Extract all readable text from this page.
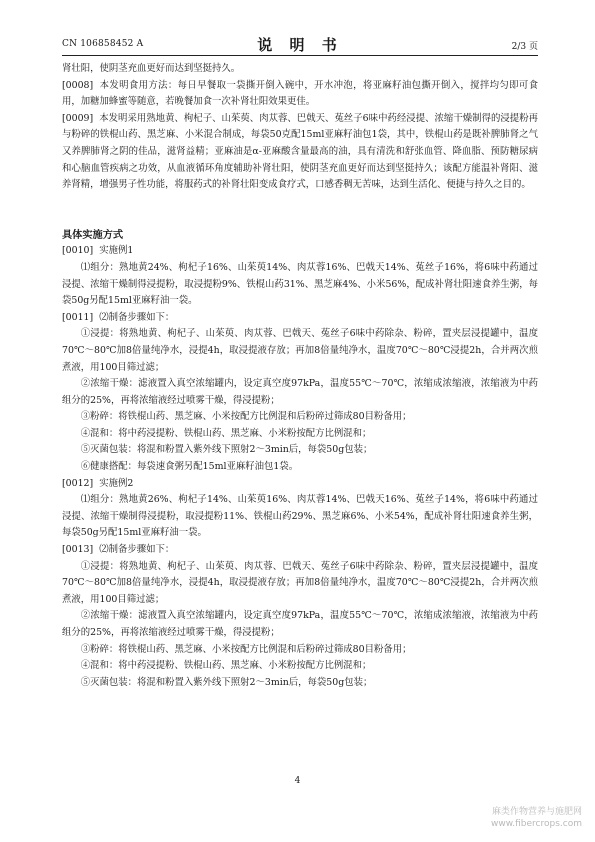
CN 106858452 A	说 明 书	2/3 页

肾壮阳，使阴茎充血更好而达到坚挺持久。

[0008] 本发明食用方法：每日早餐取一袋撕开倒入碗中，开水冲泡，将亚麻籽油包撕开倒入，搅拌均匀即可食用，加糖加蜂蜜等随意，若晚餐加食一次补肾壮阳效果更佳。

[0009] 本发明采用熟地黄、枸杞子、山茱萸、肉苁蓉、巴戟天、菟丝子6味中药经浸提、浓缩干燥制得的浸提粉再与粉碎的铁棍山药、黑芝麻、小米混合制成，每袋50克配15ml亚麻籽油包1袋，其中，铁棍山药是既补脾肺肾之气又养脾肺肾之阴的佳品，滋肾益精；亚麻油是α-亚麻酸含量最高的油，具有清洗和舒张血管、降血脂、预防糖尿病和心脑血管疾病之功效，从血液循环角度辅助补肾壮阳，使阴茎充血更好而达到坚挺持久；该配方能温补肾阳、滋养肾精，增强男子性功能，将服药式的补肾壮阳变成食疗式，口感香稠无苦味，达到生活化、便捷与持久之目的。

具体实施方式

[0010] 实施例1

⑴组分：熟地黄24%、枸杞子16%、山茱萸14%、肉苁蓉16%、巴戟天14%、菟丝子16%，将6味中药通过浸提、浓缩干燥制得浸提粉，取浸提粉9%、铁棍山药31%、黑芝麻4%、小米56%，配成补肾壮阳速食养生粥，每袋50g另配15ml亚麻籽油一袋。

[0011] ⑵制备步骤如下：

①浸提：将熟地黄、枸杞子、山茱萸、肉苁蓉、巴戟天、菟丝子6味中药除杂、粉碎，置夹层浸提罐中，温度70℃～80℃加8倍量纯净水，浸提4h，取浸提液存放；再加8倍量纯净水，温度70℃～80℃浸提2h，合并两次煎煮液，用100目筛过滤；

②浓缩干燥：滤液置入真空浓缩罐内，设定真空度97kPa，温度55℃～70℃，浓缩成浓缩液，浓缩液为中药组分的25%，再将浓缩液经过喷雾干燥，得浸提粉；

③粉碎：将铁棍山药、黑芝麻、小米按配方比例混和后粉碎过筛成80目粉备用；

④混和：将中药浸提粉、铁棍山药、黑芝麻、小米粉按配方比例混和；

⑤灭菌包装：将混和粉置入紫外线下照射2～3min后，每袋50g包装；

⑥健康搭配：每袋速食粥另配15ml亚麻籽油包1袋。

[0012] 实施例2

⑴组分：熟地黄26%、枸杞子14%、山茱萸16%、肉苁蓉14%、巴戟天16%、菟丝子14%，将6味中药通过浸提、浓缩干燥制得浸提粉，取浸提粉11%、铁棍山药29%、黑芝麻6%、小米54%，配成补肾壮阳速食养生粥，每袋50g另配15ml亚麻籽油一袋。

[0013] ⑵制备步骤如下：

①浸提：将熟地黄、枸杞子、山茱萸、肉苁蓉、巴戟天、菟丝子6味中药除杂、粉碎，置夹层浸提罐中，温度70℃～80℃加8倍量纯净水，浸提4h，取浸提液存放；再加8倍量纯净水，温度70℃～80℃浸提2h，合并两次煎煮液，用100目筛过滤；

②浓缩干燥：滤液置入真空浓缩罐内，设定真空度97kPa，温度55℃～70℃，浓缩成浓缩液，浓缩液为中药组分的25%，再将浓缩液经过喷雾干燥，得浸提粉；

③粉碎：将铁棍山药、黑芝麻、小米按配方比例混和后粉碎过筛成80目粉备用；

④混和：将中药浸提粉、铁棍山药、黑芝麻、小米粉按配方比例混和；

⑤灭菌包装：将混和粉置入紫外线下照射2～3min后，每袋50g包装；

4
麻类作物营养与施肥网
www.fibercrops.com
